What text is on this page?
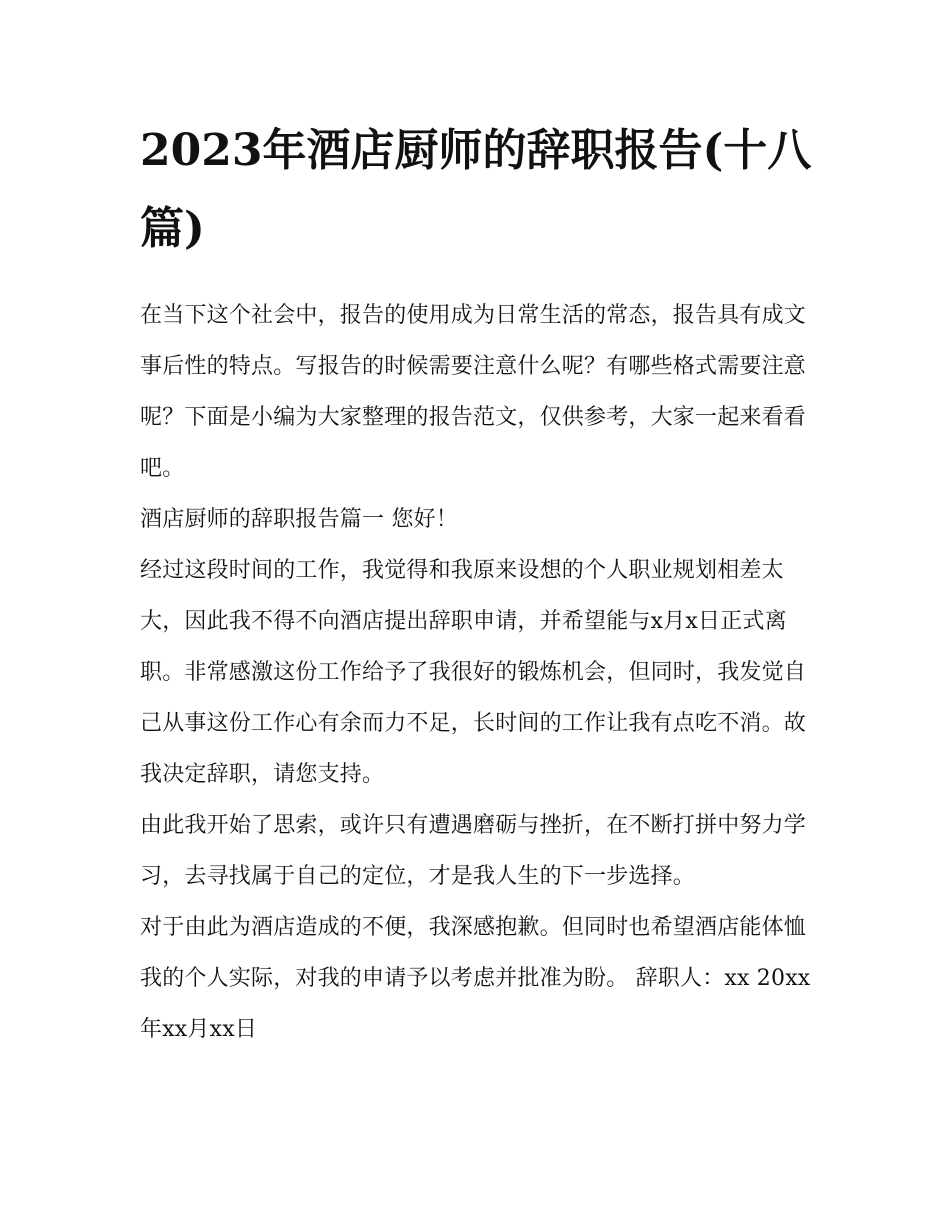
2023年酒店厨师的辞职报告(十八篇)

在当下这个社会中，报告的使用成为日常生活的常态，报告具有成文事后性的特点。写报告的时候需要注意什么呢？有哪些格式需要注意呢？下面是小编为大家整理的报告范文，仅供参考，大家一起来看看吧。

酒店厨师的辞职报告篇一 您好！

经过这段时间的工作，我觉得和我原来设想的个人职业规划相差太大，因此我不得不向酒店提出辞职申请，并希望能与x月x日正式离职。非常感激这份工作给予了我很好的锻炼机会，但同时，我发觉自己从事这份工作心有余而力不足，长时间的工作让我有点吃不消。故我决定辞职，请您支持。

由此我开始了思索，或许只有遭遇磨砺与挫折，在不断打拼中努力学习，去寻找属于自己的定位，才是我人生的下一步选择。

对于由此为酒店造成的不便，我深感抱歉。但同时也希望酒店能体恤我的个人实际，对我的申请予以考虑并批准为盼。 辞职人：xx 20xx年xx月xx日
